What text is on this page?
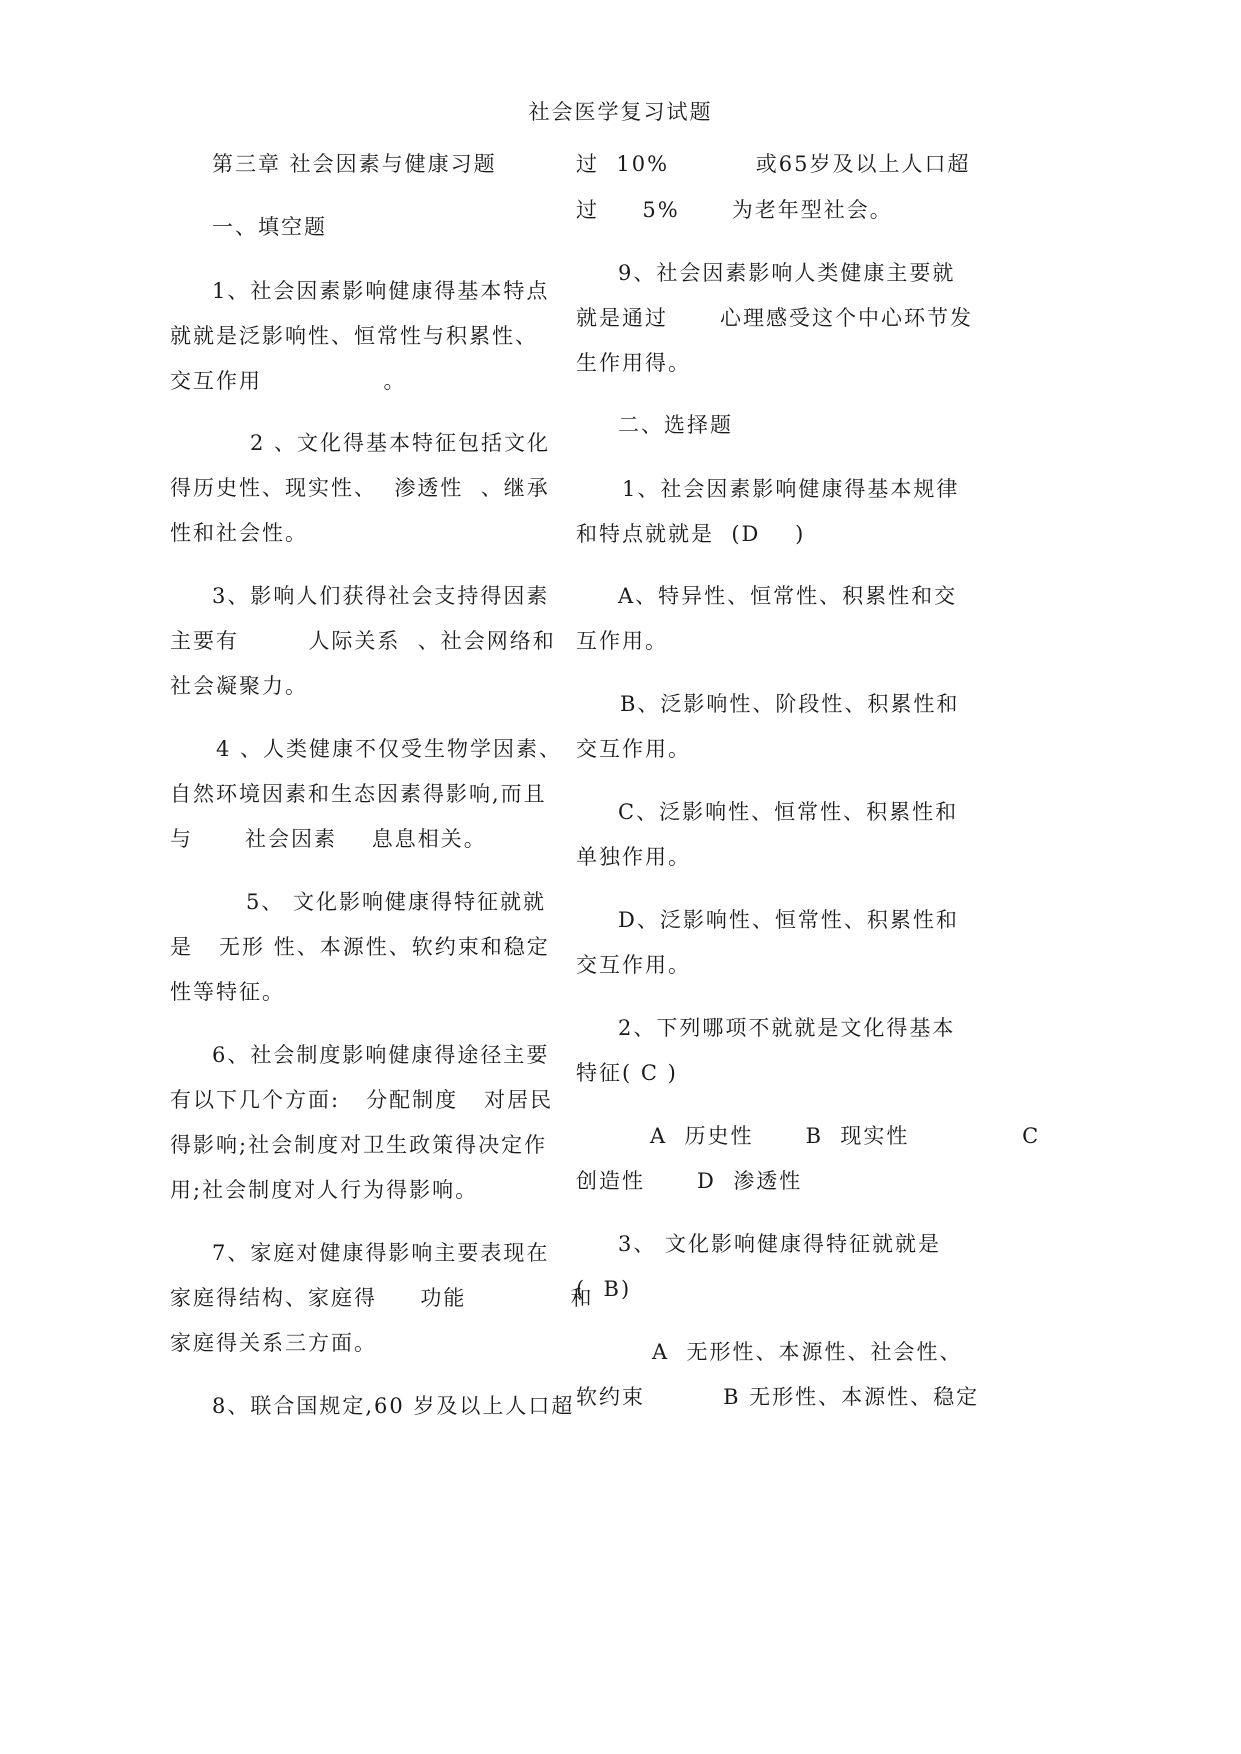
社会医学复习试题
第三章 社会因素与健康习题
一、填空题
1、社会因素影响健康得基本特点
就就是泛影响性、恒常性与积累性、
交互作用              。
2 、文化得基本特征包括文化
得历史性、现实性、  渗透性  、继承
性和社会性。
3、影响人们获得社会支持得因素
主要有        人际关系  、社会网络和
社会凝聚力。
4 、人类健康不仅受生物学因素、
自然环境因素和生态因素得影响,而且
与      社会因素    息息相关。
5、 文化影响健康得特征就就
是   无形 性、本源性、软约束和稳定
性等特征。
6、社会制度影响健康得途径主要
有以下几个方面:   分配制度   对居民
得影响;社会制度对卫生政策得决定作
用;社会制度对人行为得影响。
7、家庭对健康得影响主要表现在
家庭得结构、家庭得     功能            和
家庭得关系三方面。
8、联合国规定,60 岁及以上人口超
过  10%          或65岁及以上人口超
过     5%      为老年型社会。
9、社会因素影响人类健康主要就
就是通过      心理感受这个中心环节发
生作用得。
二、选择题
1、社会因素影响健康得基本规律
和特点就就是  (D    )
A、特异性、恒常性、积累性和交
互作用。
B、泛影响性、阶段性、积累性和
交互作用。
C、泛影响性、恒常性、积累性和
单独作用。
D、泛影响性、恒常性、积累性和
交互作用。
2、下列哪项不就就是文化得基本
特征( C )
A  历史性      B  现实性             C
创造性      D  渗透性
3、 文化影响健康得特征就就是
(  B)
A  无形性、本源性、社会性、
软约束         B 无形性、本源性、稳定
